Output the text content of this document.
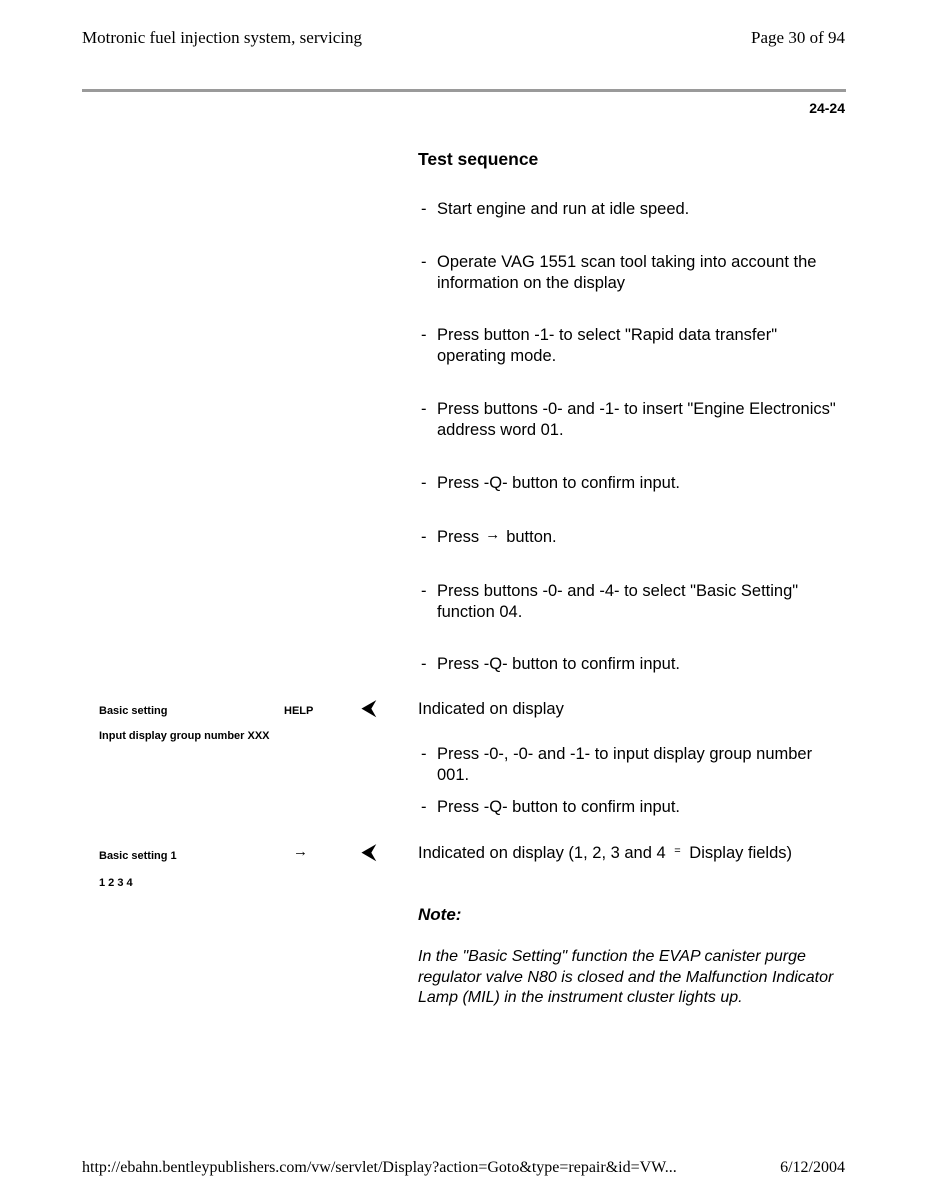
Motronic fuel injection system, servicing	Page 30 of 94
24-24
Test sequence
- Start engine and run at idle speed.
- Operate VAG 1551 scan tool taking into account the information on the display
- Press button -1- to select "Rapid data transfer" operating mode.
- Press buttons -0- and -1- to insert "Engine Electronics" address word 01.
- Press -Q- button to confirm input.
- Press → button.
- Press buttons -0- and -4- to select "Basic Setting" function 04.
- Press -Q- button to confirm input.
Basic setting	HELP
Input display group number XXX
⮜	Indicated on display
- Press -0-, -0- and -1- to input display group number 001.
- Press -Q- button to confirm input.
Basic setting 1	→
1 2 3 4
⮜	Indicated on display (1, 2, 3 and 4 = Display fields)
Note:
In the "Basic Setting" function the EVAP canister purge regulator valve N80 is closed and the Malfunction Indicator Lamp (MIL) in the instrument cluster lights up.
http://ebahn.bentleypublishers.com/vw/servlet/Display?action=Goto&type=repair&id=VW...	6/12/2004
